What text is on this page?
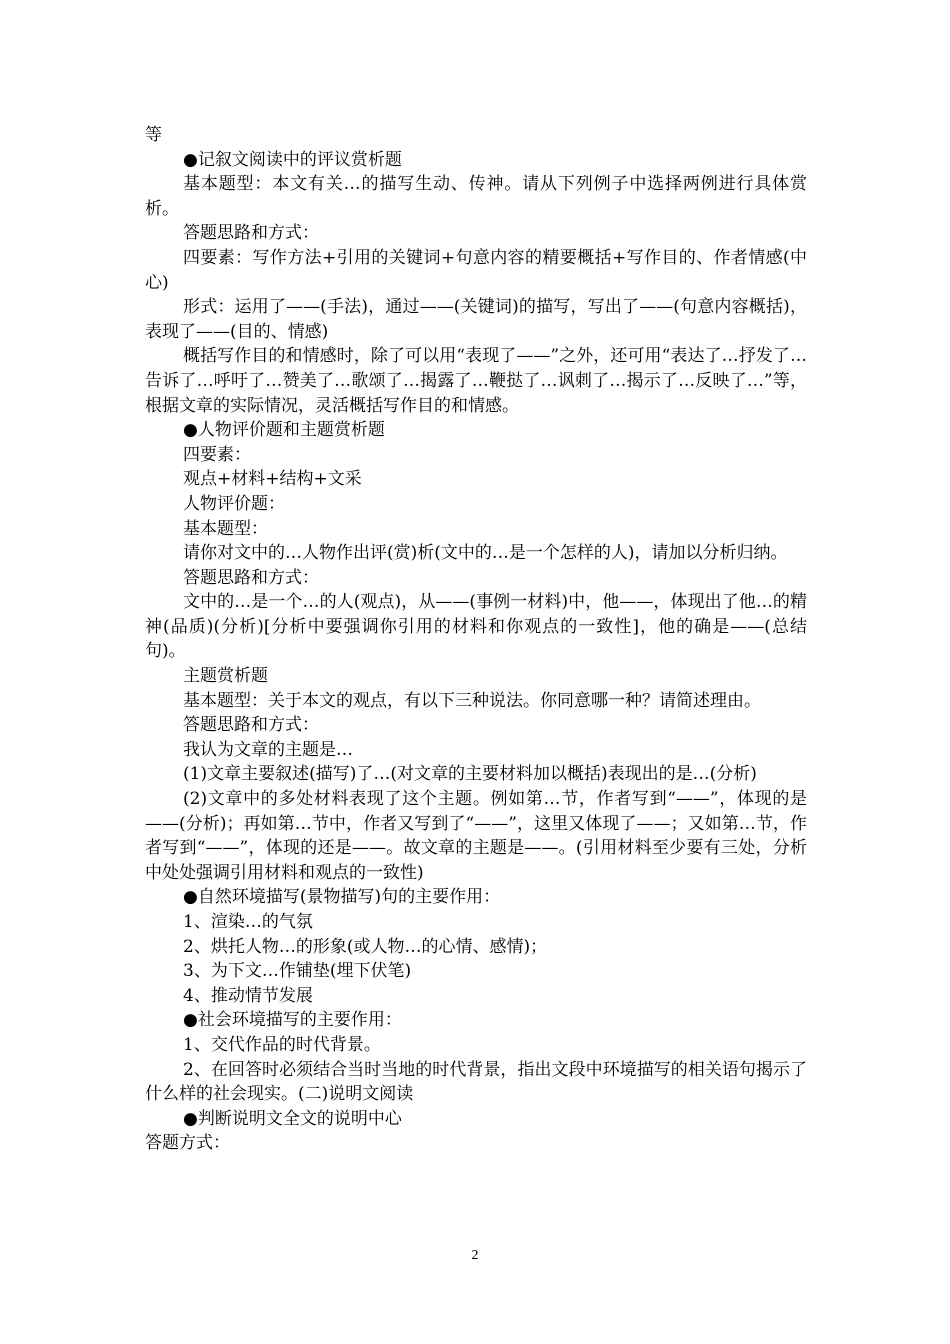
等

●记叙文阅读中的评议赏析题

基本题型：本文有关…的描写生动、传神。请从下列例子中选择两例进行具体赏析。

答题思路和方式：

四要素：写作方法+引用的关键词+句意内容的精要概括+写作目的、作者情感(中心)

形式：运用了——(手法)，通过——(关键词)的描写，写出了——(句意内容概括)，表现了——(目的、情感)

概括写作目的和情感时，除了可以用“表现了——”之外，还可用“表达了…抒发了…告诉了…呼吁了…赞美了…歌颂了…揭露了…鞭挞了…讽刺了…揭示了…反映了…”等，根据文章的实际情况，灵活概括写作目的和情感。

●人物评价题和主题赏析题

四要素：

观点+材料+结构+文采

人物评价题：

基本题型：

请你对文中的…人物作出评(赏)析(文中的…是一个怎样的人)，请加以分析归纳。

答题思路和方式：

文中的…是一个…的人(观点)，从——(事例一材料)中，他——，体现出了他…的精神(品质)(分析)[分析中要强调你引用的材料和你观点的一致性]，他的确是——(总结句)。

主题赏析题

基本题型：关于本文的观点，有以下三种说法。你同意哪一种？请简述理由。

答题思路和方式：

我认为文章的主题是…

(1)文章主要叙述(描写)了…(对文章的主要材料加以概括)表现出的是…(分析)

(2)文章中的多处材料表现了这个主题。例如第…节，作者写到“——”，体现的是——(分析)；再如第…节中，作者又写到了“——”，这里又体现了——；又如第…节，作者写到“——”，体现的还是——。故文章的主题是——。(引用材料至少要有三处，分析中处处强调引用材料和观点的一致性)

●自然环境描写(景物描写)句的主要作用：

1、渲染…的气氛

2、烘托人物…的形象(或人物…的心情、感情)；

3、为下文…作铺垫(埋下伏笔)

4、推动情节发展

●社会环境描写的主要作用：

1、交代作品的时代背景。

2、在回答时必须结合当时当地的时代背景，指出文段中环境描写的相关语句揭示了什么样的社会现实。(二)说明文阅读

●判断说明文全文的说明中心

答题方式：

2
